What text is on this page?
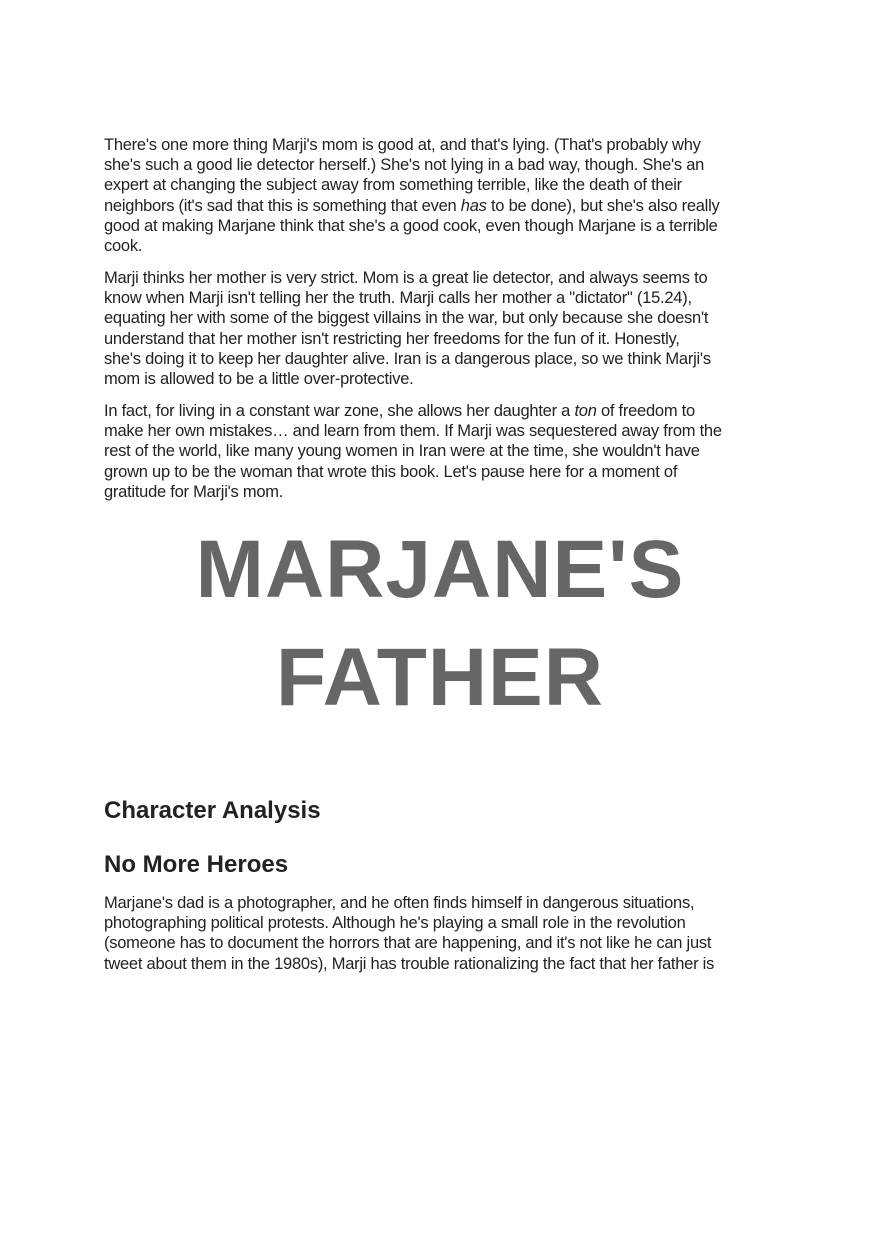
There's one more thing Marji's mom is good at, and that's lying. (That's probably why
she's such a good lie detector herself.) She's not lying in a bad way, though. She's an
expert at changing the subject away from something terrible, like the death of their
neighbors (it's sad that this is something that even has to be done), but she's also really
good at making Marjane think that she's a good cook, even though Marjane is a terrible
cook.
Marji thinks her mother is very strict. Mom is a great lie detector, and always seems to
know when Marji isn't telling her the truth. Marji calls her mother a "dictator" (15.24),
equating her with some of the biggest villains in the war, but only because she doesn't
understand that her mother isn't restricting her freedoms for the fun of it. Honestly,
she's doing it to keep her daughter alive. Iran is a dangerous place, so we think Marji's
mom is allowed to be a little over-protective.
In fact, for living in a constant war zone, she allows her daughter a ton of freedom to
make her own mistakes… and learn from them. If Marji was sequestered away from the
rest of the world, like many young women in Iran were at the time, she wouldn't have
grown up to be the woman that wrote this book. Let's pause here for a moment of
gratitude for Marji's mom.
MARJANE'S
FATHER
Character Analysis
No More Heroes
Marjane's dad is a photographer, and he often finds himself in dangerous situations,
photographing political protests. Although he's playing a small role in the revolution
(someone has to document the horrors that are happening, and it's not like he can just
tweet about them in the 1980s), Marji has trouble rationalizing the fact that her father is
